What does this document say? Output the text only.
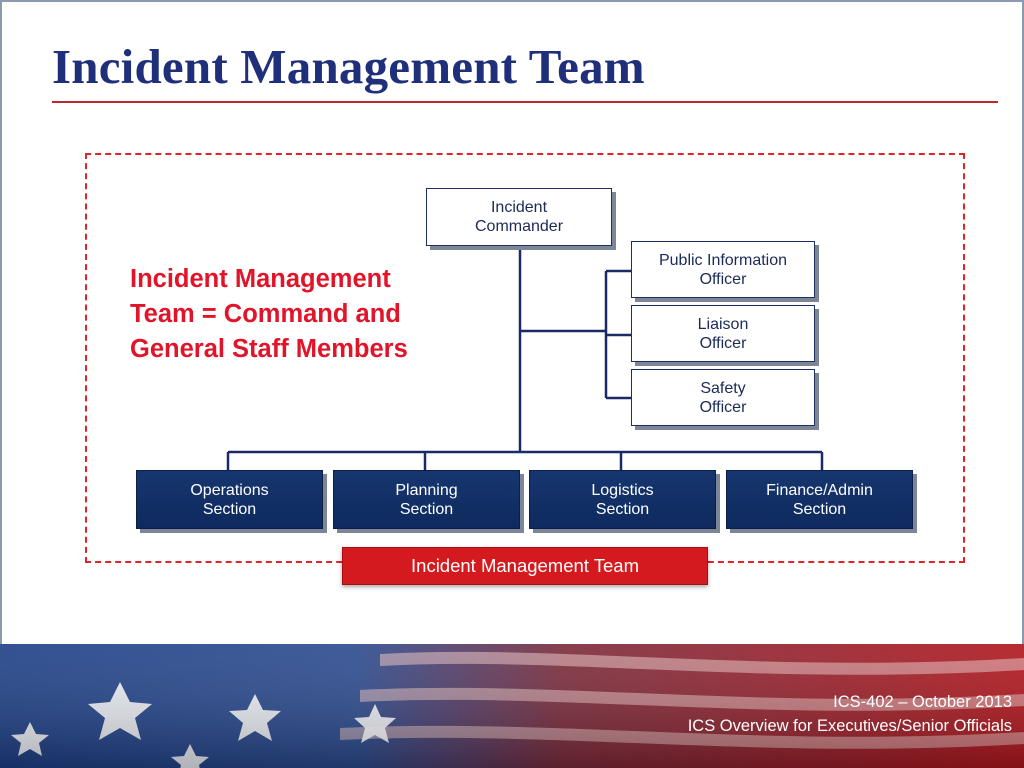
Incident Management Team
Incident Management
Team = Command and
General Staff Members
Incident
Commander
Public Information
Officer
Liaison
Officer
Safety
Officer
Operations
Section
Planning
Section
Logistics
Section
Finance/Admin
Section
Incident Management Team
ICS-402 – October 2013
ICS Overview for Executives/Senior Officials
